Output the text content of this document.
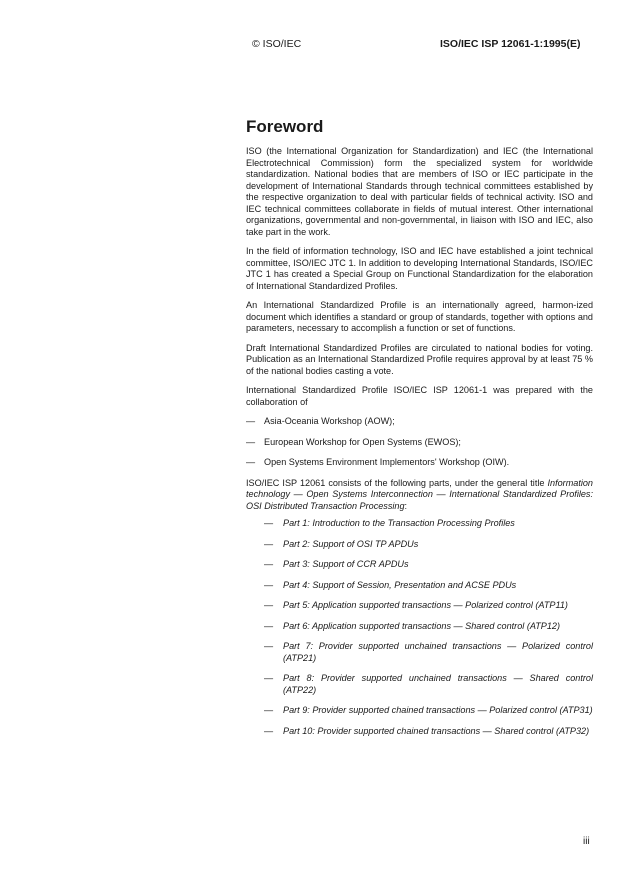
© ISO/IEC	ISO/IEC ISP 12061-1:1995(E)
Foreword

ISO (the International Organization for Standardization) and IEC (the International Electrotechnical Commission) form the specialized system for worldwide standardization. National bodies that are members of ISO or IEC participate in the development of International Standards through technical committees established by the respective organization to deal with particular fields of technical activity. ISO and IEC technical committees collaborate in fields of mutual interest. Other international organizations, governmental and non-governmental, in liaison with ISO and IEC, also take part in the work.

In the field of information technology, ISO and IEC have established a joint technical committee, ISO/IEC JTC 1. In addition to developing International Standards, ISO/IEC JTC 1 has created a Special Group on Functional Standardization for the elaboration of International Standardized Profiles.

An International Standardized Profile is an internationally agreed, harmon-ized document which identifies a standard or group of standards, together with options and parameters, necessary to accomplish a function or set of functions.

Draft International Standardized Profiles are circulated to national bodies for voting. Publication as an International Standardized Profile requires approval by at least 75 % of the national bodies casting a vote.

International Standardized Profile ISO/IEC ISP 12061-1 was prepared with the collaboration of

— Asia-Oceania Workshop (AOW);
— European Workshop for Open Systems (EWOS);
— Open Systems Environment Implementors' Workshop (OIW).

ISO/IEC ISP 12061 consists of the following parts, under the general title Information technology — Open Systems Interconnection — International Standardized Profiles: OSI Distributed Transaction Processing:

— Part 1: Introduction to the Transaction Processing Profiles
— Part 2: Support of OSI TP APDUs
— Part 3: Support of CCR APDUs
— Part 4: Support of Session, Presentation and ACSE PDUs
— Part 5: Application supported transactions — Polarized control (ATP11)
— Part 6: Application supported transactions — Shared control (ATP12)
— Part 7: Provider supported unchained transactions — Polarized control (ATP21)
— Part 8: Provider supported unchained transactions — Shared control (ATP22)
— Part 9: Provider supported chained transactions — Polarized control (ATP31)
— Part 10: Provider supported chained transactions — Shared control (ATP32)
iii
